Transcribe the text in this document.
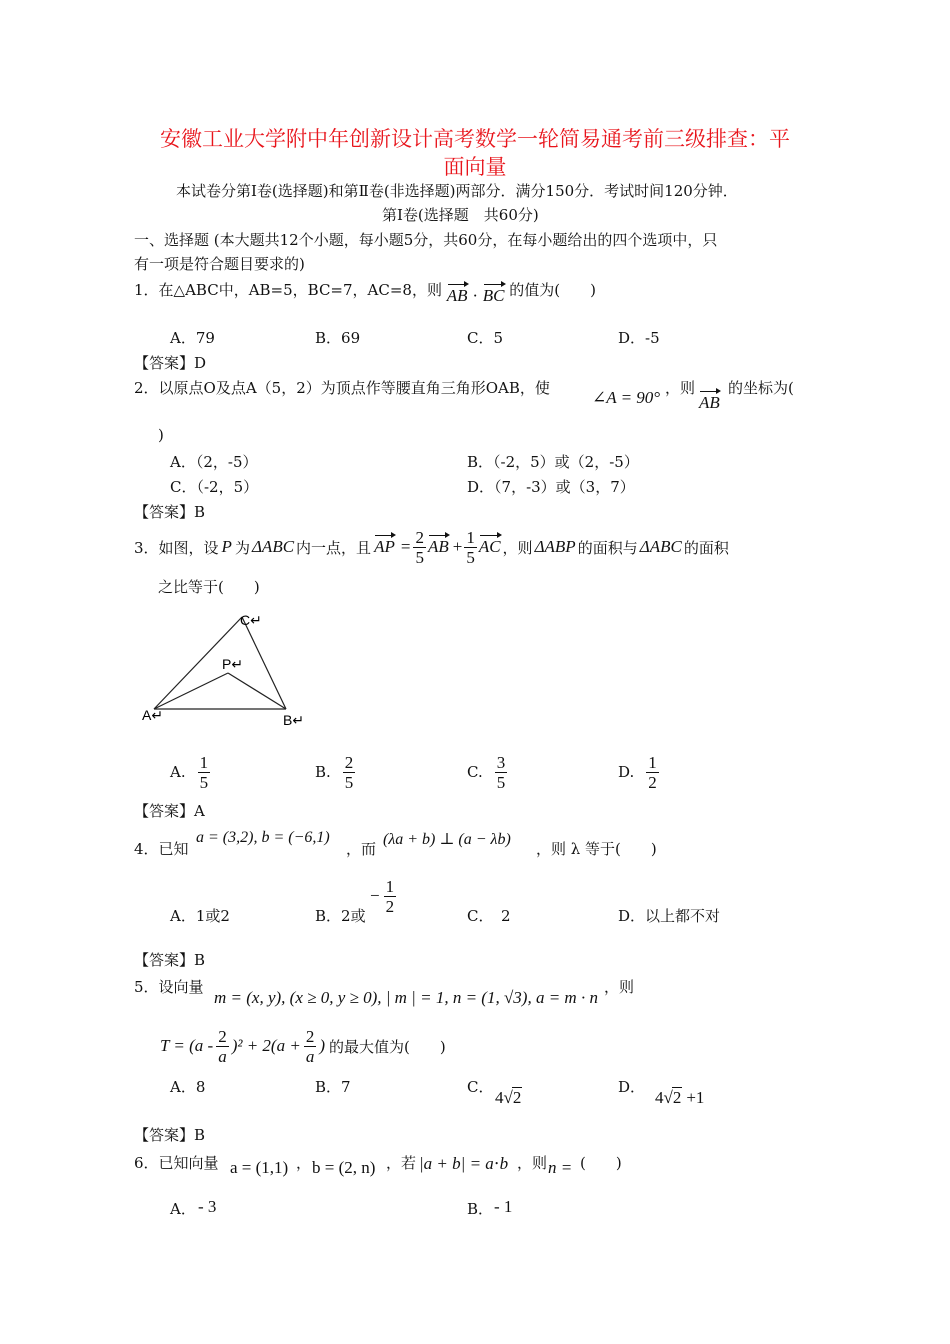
安徽工业大学附中年创新设计高考数学一轮简易通考前三级排查：平
面向量
本试卷分第Ⅰ卷(选择题)和第Ⅱ卷(非选择题)两部分．满分150分．考试时间120分钟．
第Ⅰ卷(选择题　共60分)
一、选择题 (本大题共12个小题，每小题5分，共60分，在每小题给出的四个选项中，只
有一项是符合题目要求的)
1．在△ABC中，AB=5，BC=7，AC=8，则 AB · BC 的值为(　　)
A．79	B．69	C．5	D．-5
【答案】D
2．以原点O及点A（5，2）为顶点作等腰直角三角形OAB，使 ∠A = 90° ，则
AB
的坐标为(
)
A．（2，-5）	B．（-2，5）或（2，-5）
C．（-2，5）	D．（7，-3）或（3，7）
【答案】B
3．如图，设 P 为 ΔABC 内一点，且 AP = $\frac{2}{5}$ AB + $\frac{1}{5}$ AC ，则 ΔABP 的面积与 ΔABC 的面积
之比等于(　　)
A↵	B↵
C↵
P↵
A. $\frac{1}{5}$	B. $\frac{2}{5}$	C. $\frac{3}{5}$	D. $\frac{1}{2}$
【答案】A
4．已知
a = (3,2), b = (−6,1)
，而
(λa + b) ⊥ (a − λb)
，则 λ 等于(　　)
A．1或2	B．2或
− $\frac{1}{2}$
C．　2	D．以上都不对
【答案】B
5．设向量
m = (x, y), (x ≥ 0, y ≥ 0), | m | = 1, n = (1, √3), a = m · n
，则
$T = (a - \frac{2}{a} )^2 + 2(a + \frac{2}{a}$ ) 的最大值为(　　)
A．8	B．7	C．
4√2
D．
4√2 +1
【答案】B
6．已知向量 a = (1,1) ， b = (2, n) ，若 |a + b| = a⋅b ，则 n = (　　)
A． - 3	B． - 1
